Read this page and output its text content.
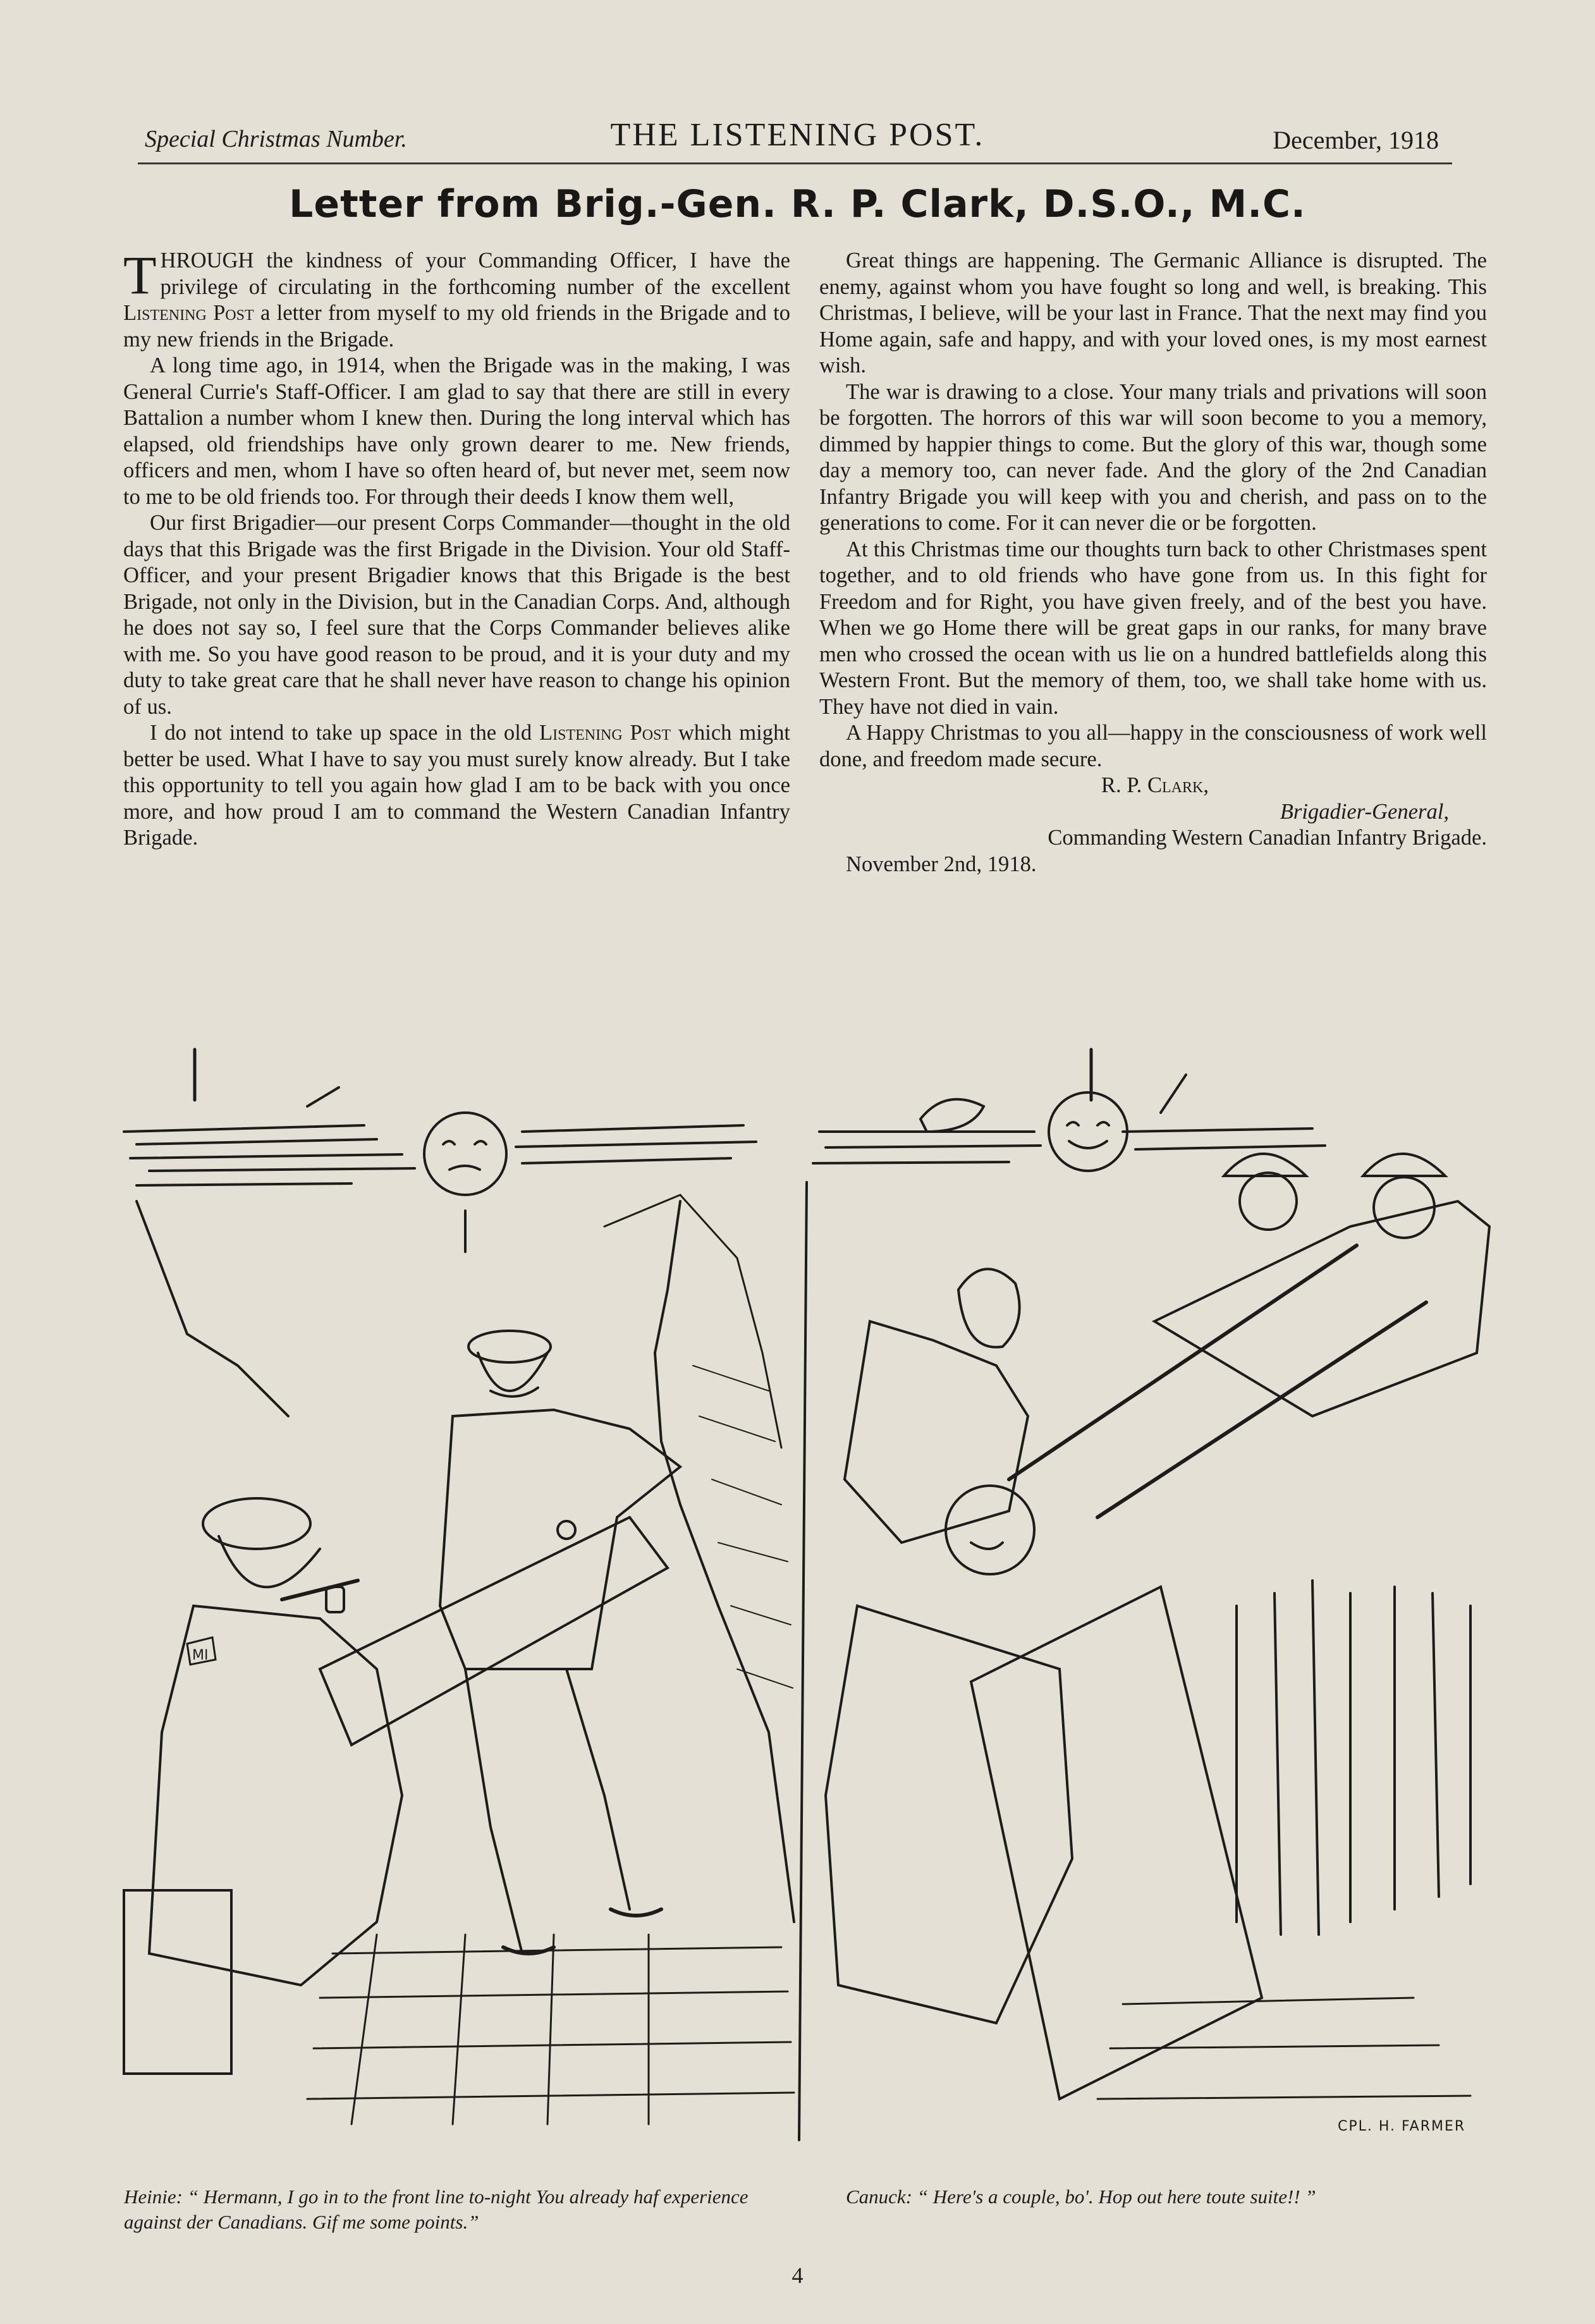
Special Christmas Number.	THE LISTENING POST.	December, 1918
Letter from Brig.-Gen. R. P. Clark, D.S.O., M.C.

THROUGH the kindness of your Commanding Officer, I have the privilege of circulating in the forthcoming number of the excellent Listening Post a letter from myself to my old friends in the Brigade and to my new friends in the Brigade.

A long time ago, in 1914, when the Brigade was in the making, I was General Currie's Staff-Officer. I am glad to say that there are still in every Battalion a number whom I knew then. During the long interval which has elapsed, old friendships have only grown dearer to me. New friends, officers and men, whom I have so often heard of, but never met, seem now to me to be old friends too. For through their deeds I know them well,

Our first Brigadier—our present Corps Commander—thought in the old days that this Brigade was the first Brigade in the Division. Your old Staff-Officer, and your present Brigadier knows that this Brigade is the best Brigade, not only in the Division, but in the Canadian Corps. And, although he does not say so, I feel sure that the Corps Commander believes alike with me. So you have good reason to be proud, and it is your duty and my duty to take great care that he shall never have reason to change his opinion of us.

I do not intend to take up space in the old Listening Post which might better be used. What I have to say you must surely know already. But I take this opportunity to tell you again how glad I am to be back with you once more, and how proud I am to command the Western Canadian Infantry Brigade.

Great things are happening. The Germanic Alliance is disrupted. The enemy, against whom you have fought so long and well, is breaking. This Christmas, I believe, will be your last in France. That the next may find you Home again, safe and happy, and with your loved ones, is my most earnest wish.

The war is drawing to a close. Your many trials and privations will soon be forgotten. The horrors of this war will soon become to you a memory, dimmed by happier things to come. But the glory of this war, though some day a memory too, can never fade. And the glory of the 2nd Canadian Infantry Brigade you will keep with you and cherish, and pass on to the generations to come. For it can never die or be forgotten.

At this Christmas time our thoughts turn back to other Christmases spent together, and to old friends who have gone from us. In this fight for Freedom and for Right, you have given freely, and of the best you have. When we go Home there will be great gaps in our ranks, for many brave men who crossed the ocean with us lie on a hundred battlefields along this Western Front. But the memory of them, too, we shall take home with us. They have not died in vain.

A Happy Christmas to you all—happy in the consciousness of work well done, and freedom made secure.

R. P. Clark,

Brigadier-General,

Commanding Western Canadian Infantry Brigade.

November 2nd, 1918.

MI
CPL. H. FARMER
Heinie: “ Hermann, I go in to the front line to-night You already haf experience against der Canadians. Gif me some points.”
Canuck: “ Here's a couple, bo'. Hop out here toute suite!! ”
4
